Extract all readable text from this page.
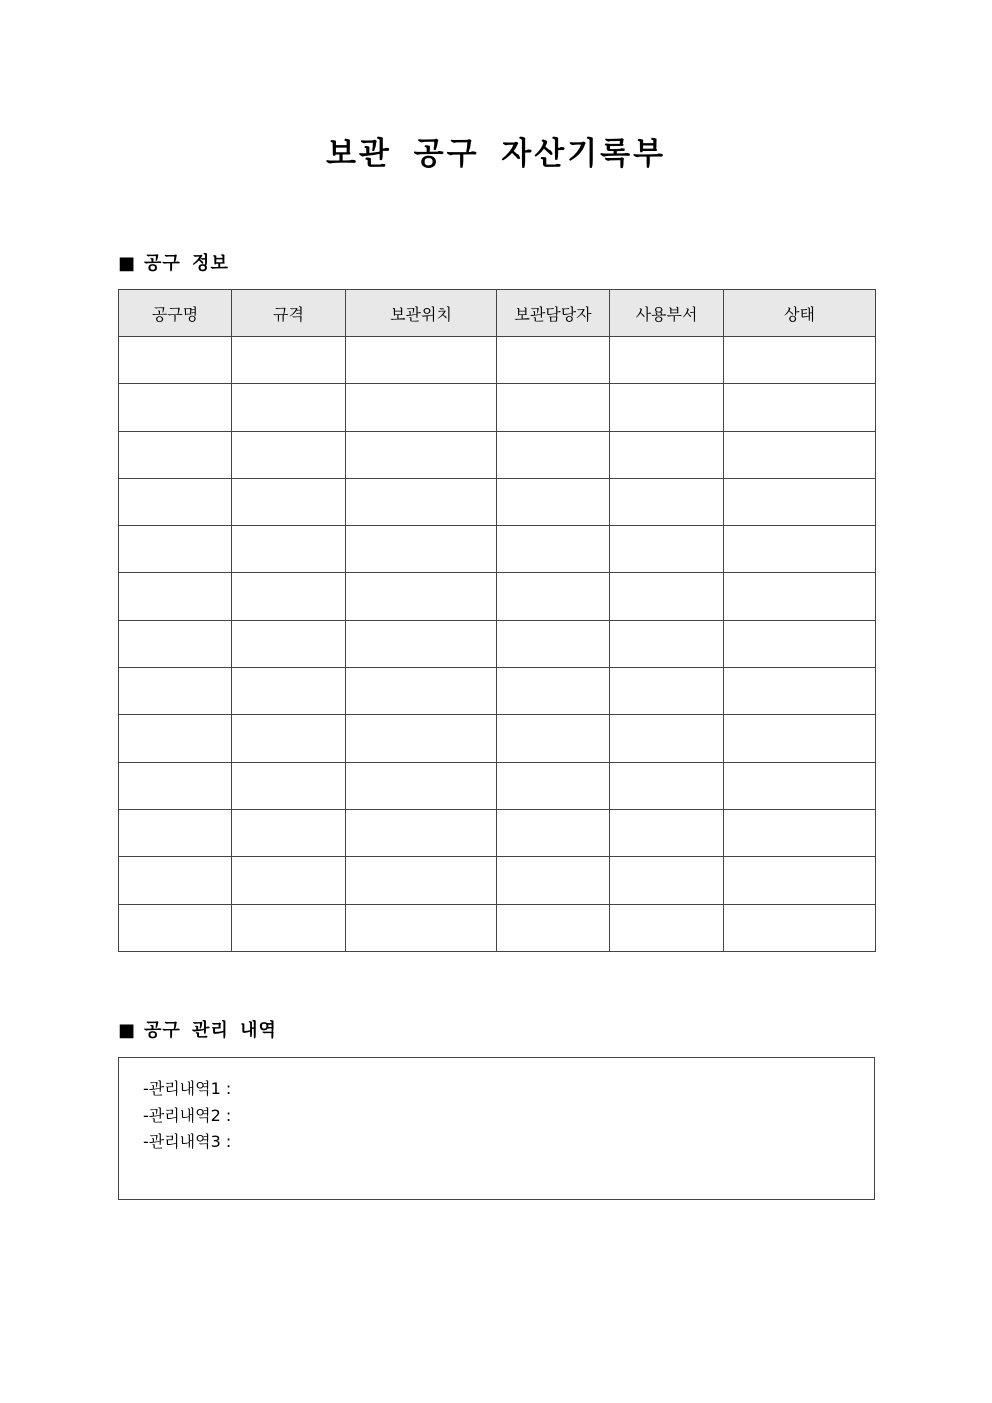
보관 공구 자산기록부
■ 공구 정보
공구명	규격	보관위치	보관담당자	사용부서	상태

■ 공구 관리 내역
-관리내역1 :
-관리내역2 :
-관리내역3 :
